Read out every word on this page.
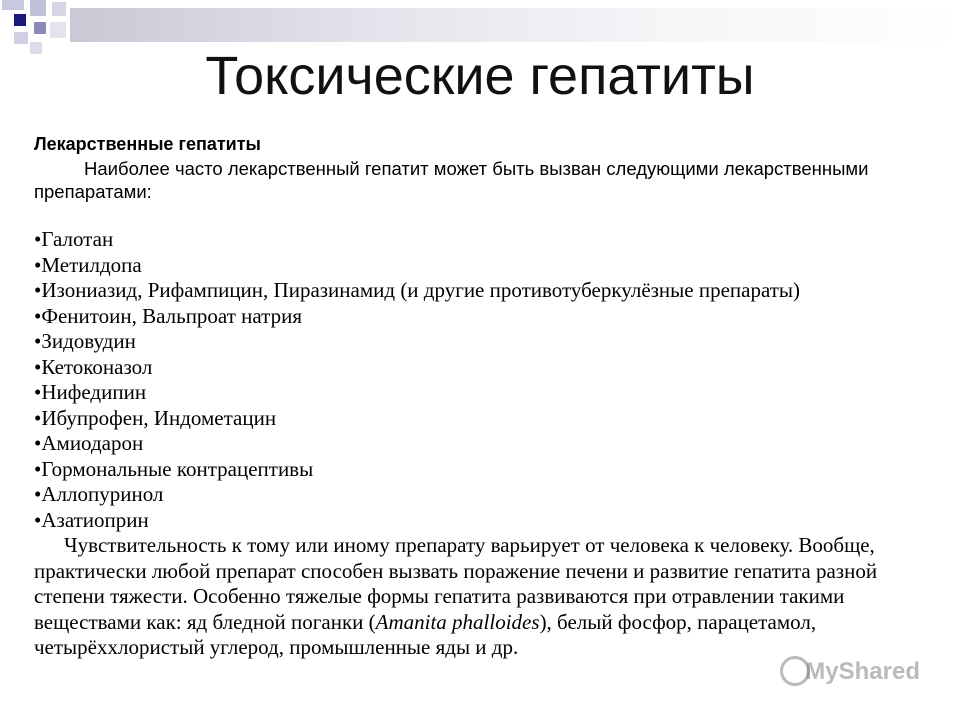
Токсические гепатиты
Лекарственные гепатиты
Наиболее часто лекарственный гепатит может быть вызван следующими лекарственными препаратами:
• Галотан
• Метилдопа
• Изониазид, Рифампицин, Пиразинамид (и другие противотуберкулёзные препараты)
• Фенитоин, Вальпроат натрия
• Зидовудин
• Кетоконазол
• Нифедипин
• Ибупрофен, Индометацин
• Амиодарон
• Гормональные контрацептивы
• Аллопуринол
• Азатиоприн
Чувствительность к тому или иному препарату варьирует от человека к человеку. Вообще, практически любой препарат способен вызвать поражение печени и развитие гепатита разной степени тяжести. Особенно тяжелые формы гепатита развиваются при отравлении такими веществами как: яд бледной поганки (Amanita phalloides), белый фосфор, парацетамол, четырёххлористый углерод, промышленные яды и др.
MyShared
